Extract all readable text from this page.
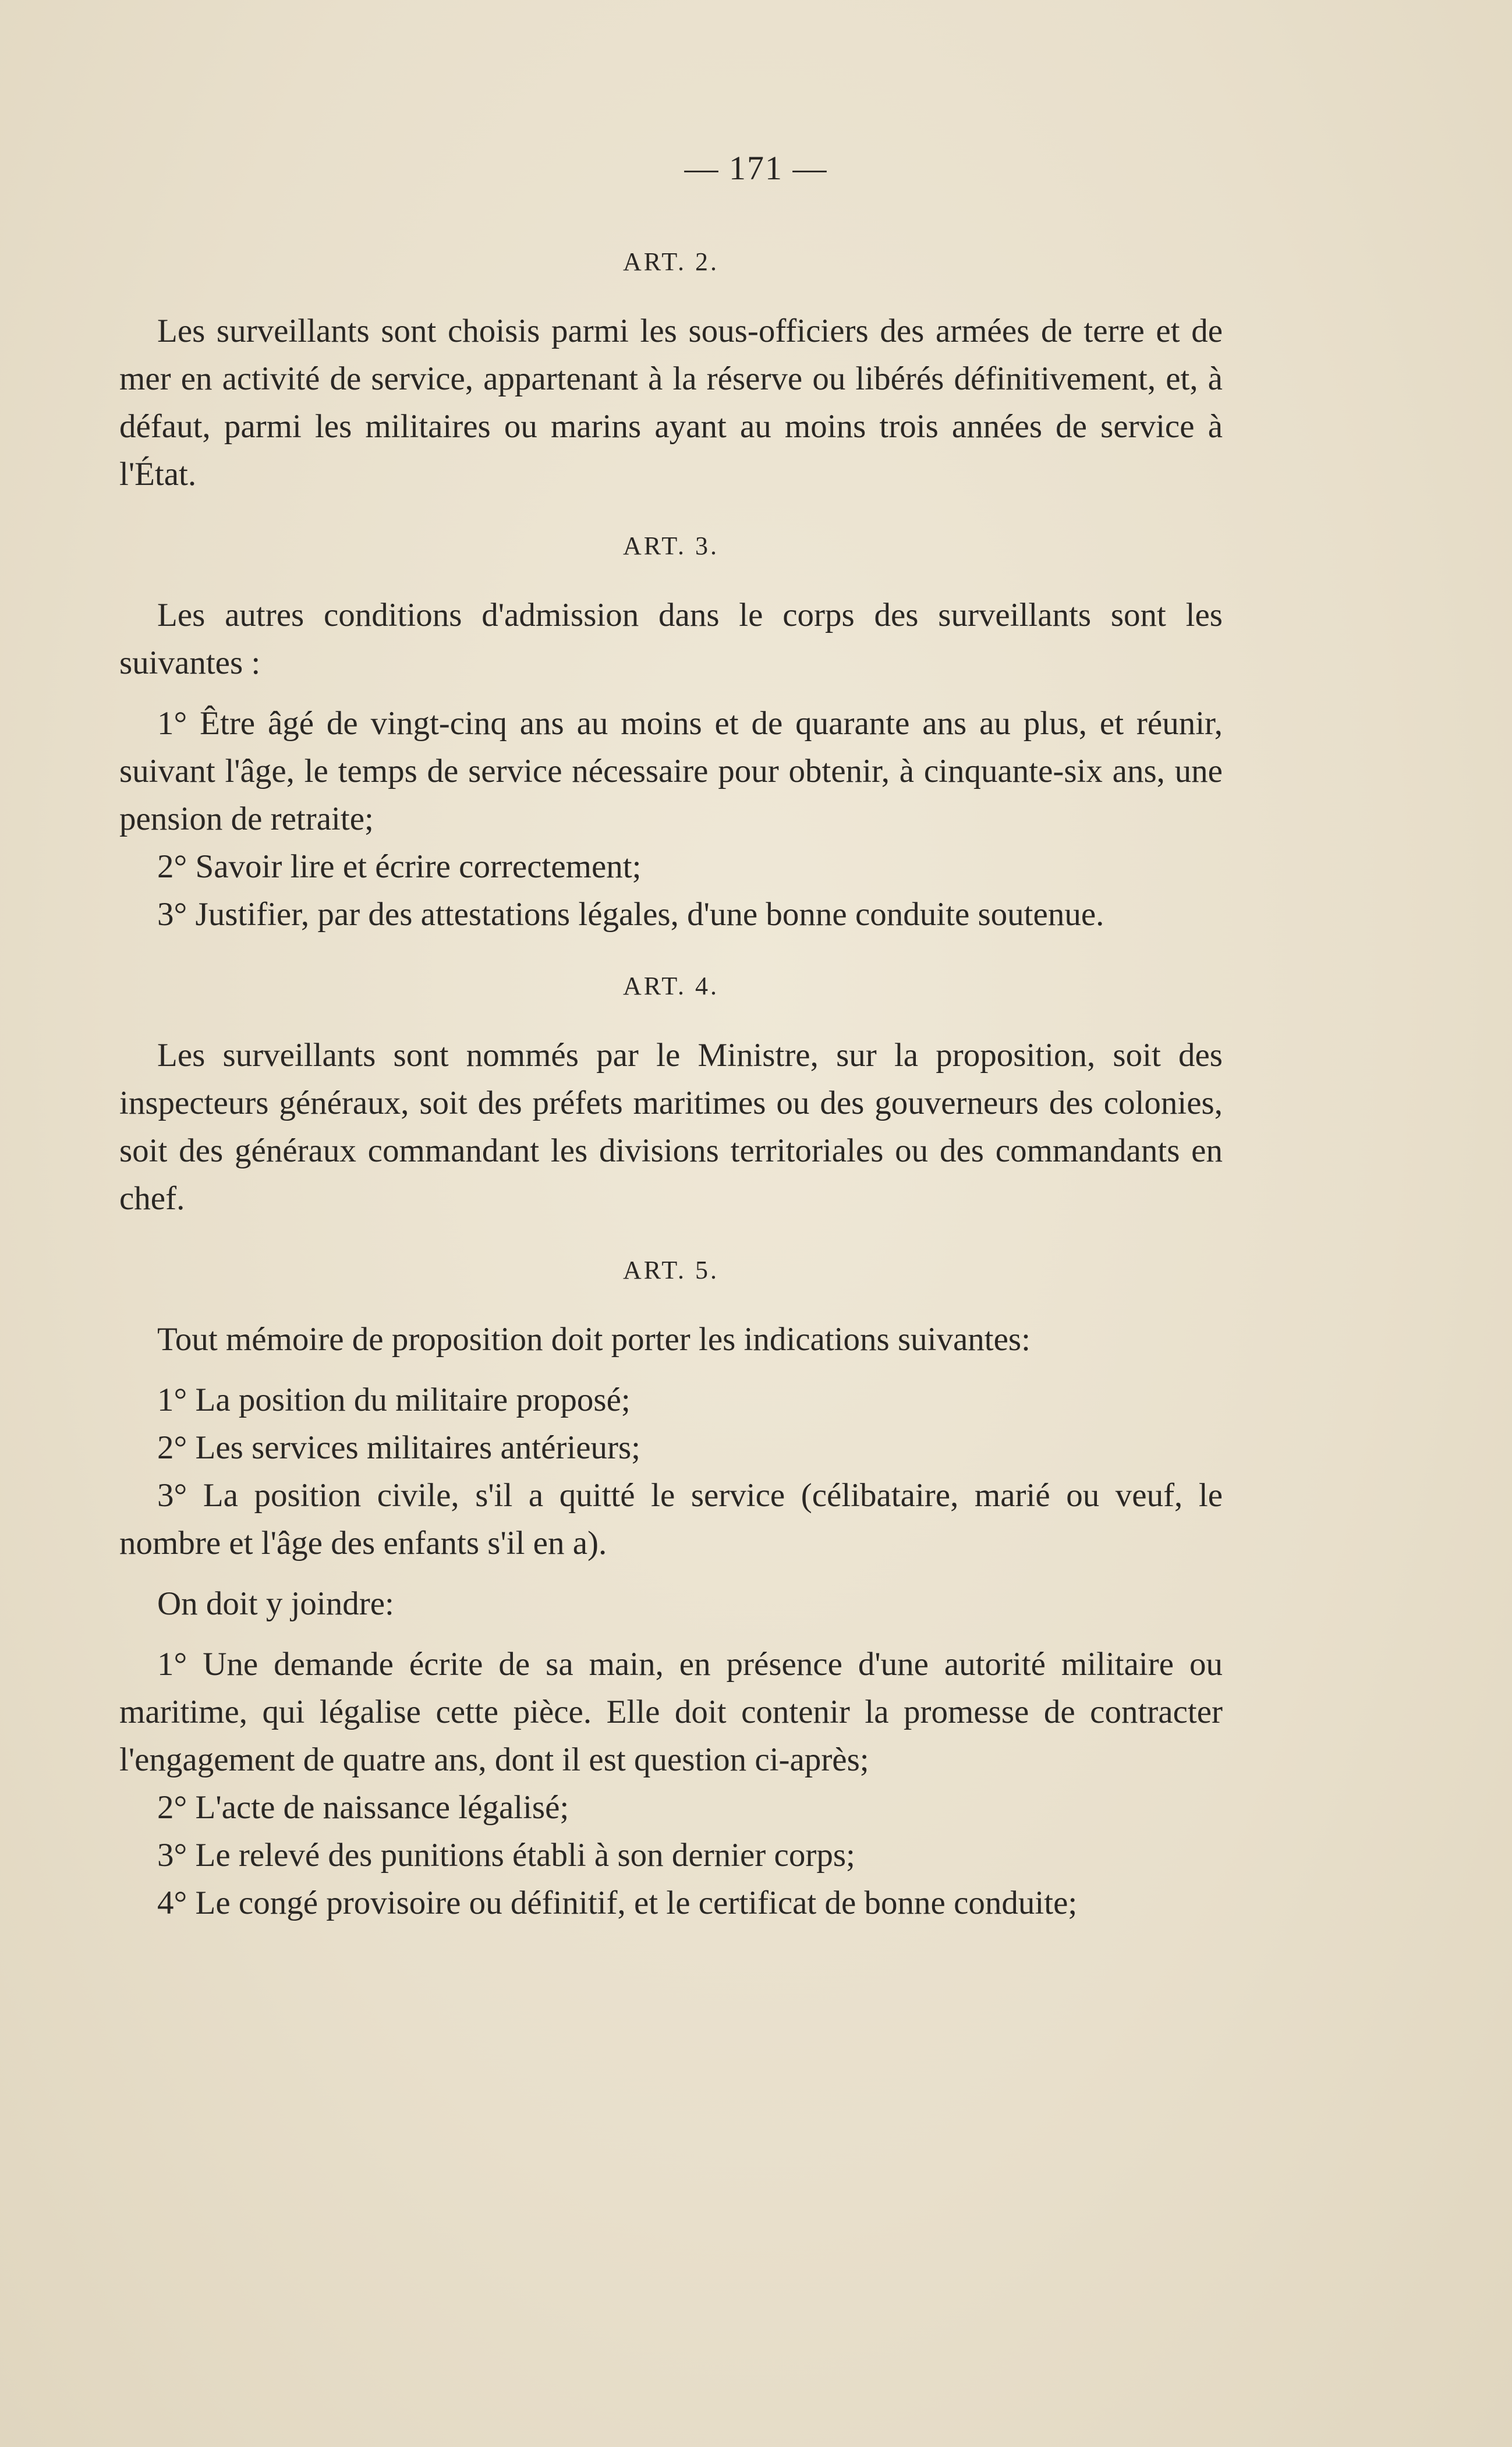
— 171 —

ART. 2.

Les surveillants sont choisis parmi les sous-officiers des armées de terre et de mer en activité de service, appartenant à la réserve ou libérés définitivement, et, à défaut, parmi les militaires ou marins ayant au moins trois années de service à l'État.

ART. 3.

Les autres conditions d'admission dans le corps des surveillants sont les suivantes :

1° Être âgé de vingt-cinq ans au moins et de quarante ans au plus, et réunir, suivant l'âge, le temps de service nécessaire pour obtenir, à cinquante-six ans, une pension de retraite;

2° Savoir lire et écrire correctement;

3° Justifier, par des attestations légales, d'une bonne conduite soutenue.

ART. 4.

Les surveillants sont nommés par le Ministre, sur la proposition, soit des inspecteurs généraux, soit des préfets maritimes ou des gouverneurs des colonies, soit des généraux commandant les divisions territoriales ou des commandants en chef.

ART. 5.

Tout mémoire de proposition doit porter les indications suivantes:

1° La position du militaire proposé;

2° Les services militaires antérieurs;

3° La position civile, s'il a quitté le service (célibataire, marié ou veuf, le nombre et l'âge des enfants s'il en a).

On doit y joindre:

1° Une demande écrite de sa main, en présence d'une autorité militaire ou maritime, qui légalise cette pièce. Elle doit contenir la promesse de contracter l'engagement de quatre ans, dont il est question ci-après;

2° L'acte de naissance légalisé;

3° Le relevé des punitions établi à son dernier corps;

4° Le congé provisoire ou définitif, et le certificat de bonne conduite;
